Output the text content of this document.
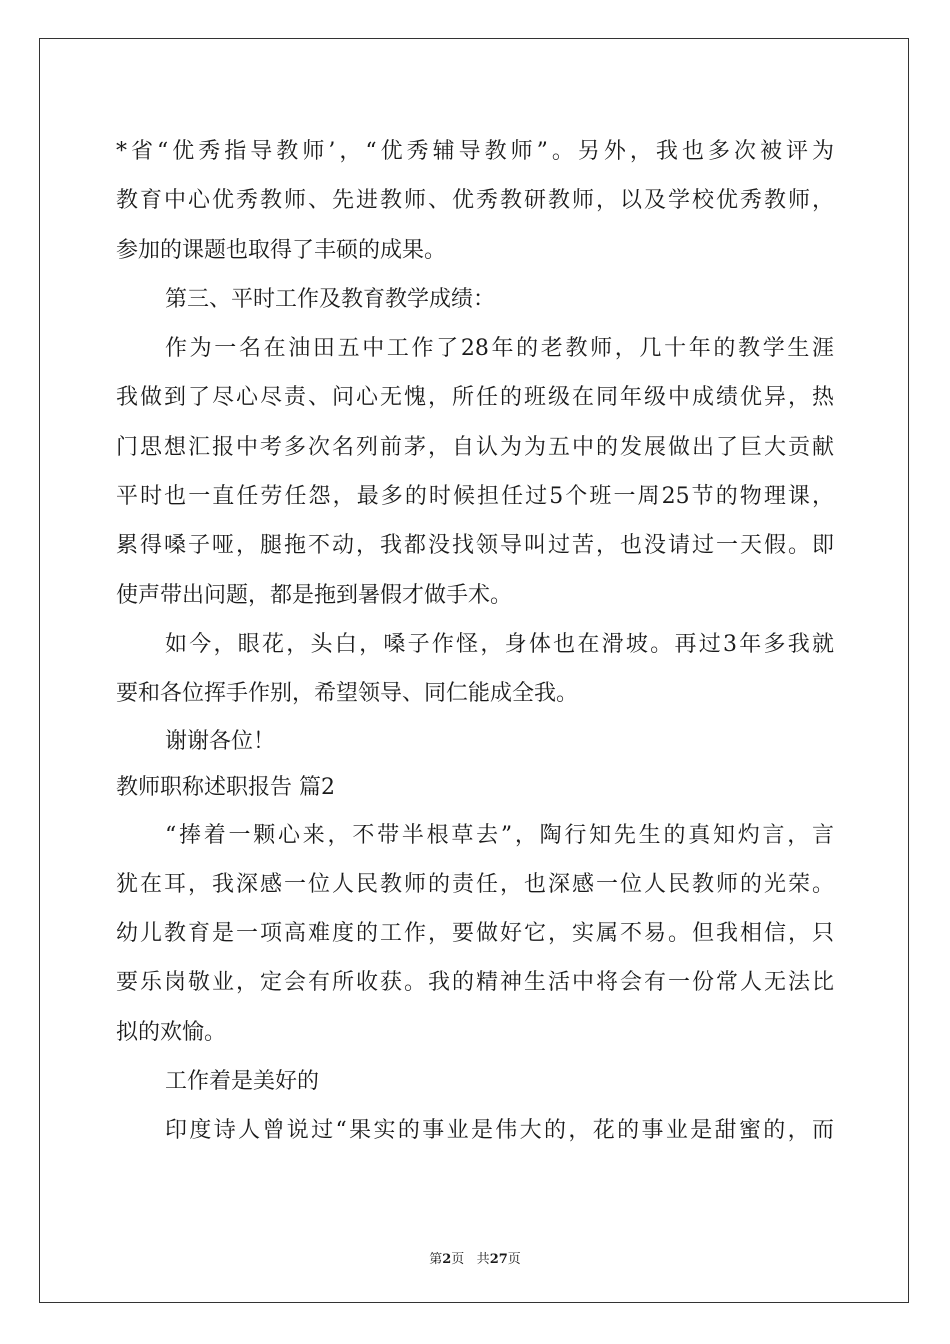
*省“优秀指导教师’，“优秀辅导教师”。另外，我也多次被评为
教育中心优秀教师、先进教师、优秀教研教师，以及学校优秀教师，
参加的课题也取得了丰硕的成果。
第三、平时工作及教育教学成绩：
作为一名在油田五中工作了28年的老教师，几十年的教学生涯
我做到了尽心尽责、问心无愧，所任的班级在同年级中成绩优异，热
门思想汇报中考多次名列前茅，自认为为五中的发展做出了巨大贡献
平时也一直任劳任怨，最多的时候担任过5个班一周25节的物理课，
累得嗓子哑，腿拖不动，我都没找领导叫过苦，也没请过一天假。即
使声带出问题，都是拖到暑假才做手术。
如今，眼花，头白，嗓子作怪，身体也在滑坡。再过3年多我就
要和各位挥手作别，希望领导、同仁能成全我。
谢谢各位！
教师职称述职报告 篇2
“捧着一颗心来，不带半根草去”，陶行知先生的真知灼言，言
犹在耳，我深感一位人民教师的责任，也深感一位人民教师的光荣。
幼儿教育是一项高难度的工作，要做好它，实属不易。但我相信，只
要乐岗敬业，定会有所收获。我的精神生活中将会有一份常人无法比
拟的欢愉。
工作着是美好的
印度诗人曾说过“果实的事业是伟大的，花的事业是甜蜜的，而
第2页 共27页
